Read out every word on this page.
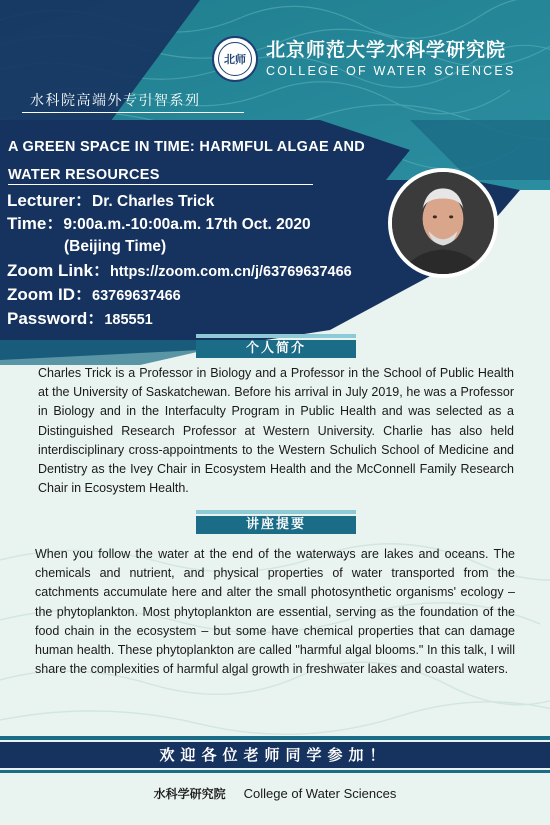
北师	北京师范大学水科学研究院
COLLEGE OF WATER SCIENCES
水科院高端外专引智系列
A GREEN SPACE IN TIME: HARMFUL ALGAE AND
WATER RESOURCES
Lecturer：Dr. Charles Trick
Time：9:00a.m.-10:00a.m. 17th Oct. 2020
(Beijing Time)
Zoom Link：https://zoom.com.cn/j/63769637466
Zoom ID：63769637466
Password：185551
个人简介
Charles Trick is a Professor in Biology and a Professor in the School of Public Health at the University of Saskatchewan. Before his arrival in July 2019, he was a Professor in Biology and in the Interfaculty Program in Public Health and was selected as a Distinguished Research Professor at Western University. Charlie has also held interdisciplinary cross-appointments to the Western Schulich School of Medicine and Dentistry as the Ivey Chair in Ecosystem Health and the McConnell Family Research Chair in Ecosystem Health.
讲座提要
When you follow the water at the end of the waterways are lakes and oceans. The chemicals and nutrient, and physical properties of water transported from the catchments accumulate here and alter the small photosynthetic organisms' ecology – the phytoplankton. Most phytoplankton are essential, serving as the foundation of the food chain in the ecosystem – but some have chemical properties that can damage human health. These phytoplankton are called "harmful algal blooms." In this talk, I will share the complexities of harmful algal growth in freshwater lakes and coastal waters.
欢迎各位老师同学参加！
水科学研究院 College of Water Sciences
